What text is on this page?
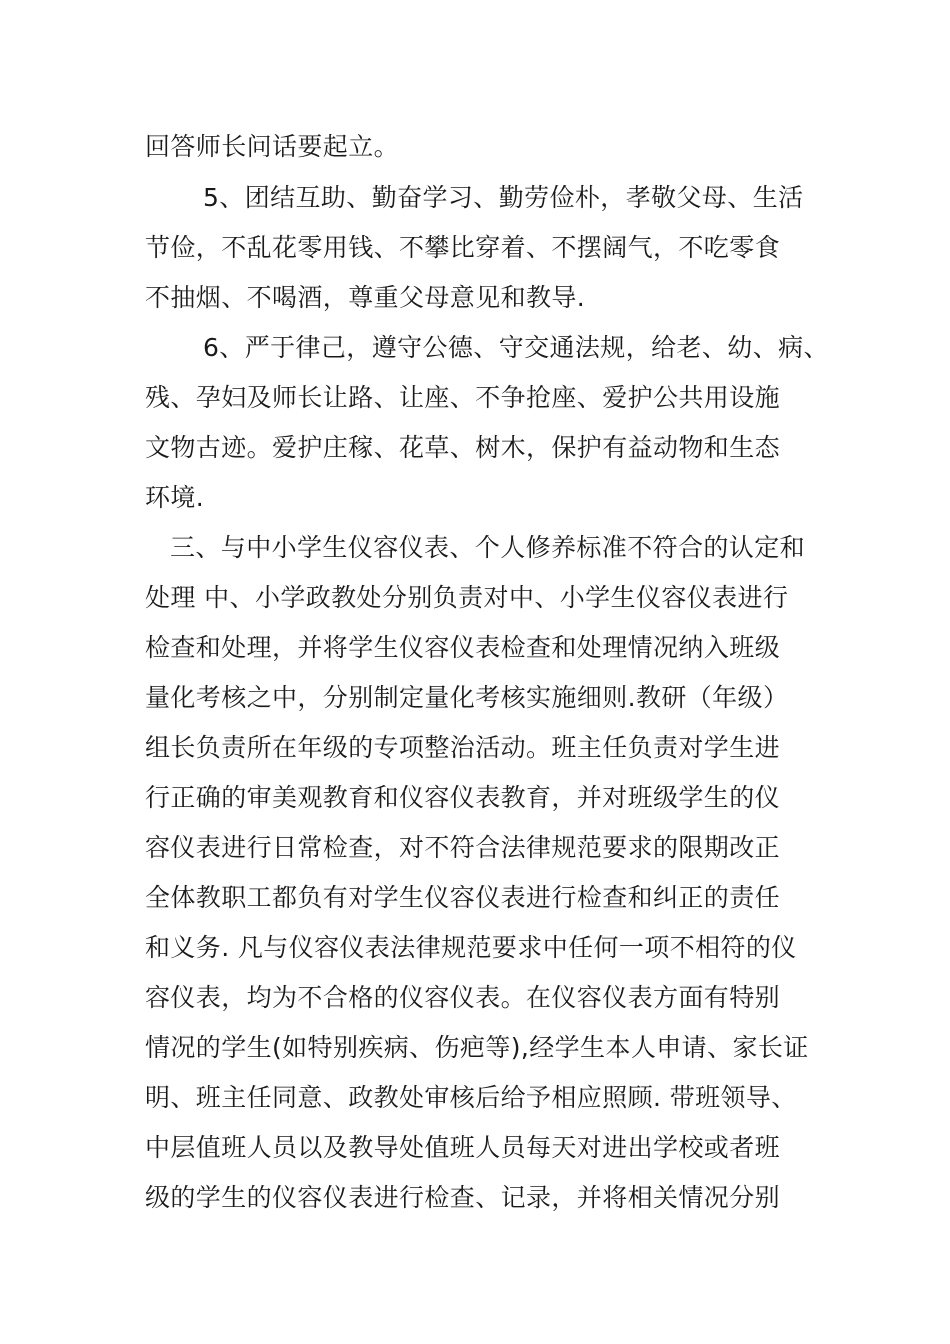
回答师长问话要起立。
5、团结互助、勤奋学习、勤劳俭朴，孝敬父母、生活
节俭，不乱花零用钱、不攀比穿着、不摆阔气，不吃零食
不抽烟、不喝酒，尊重父母意见和教导.
6、严于律己，遵守公德、守交通法规，给老、幼、病、
残、孕妇及师长让路、让座、不争抢座、爱护公共用设施
文物古迹。爱护庄稼、花草、树木，保护有益动物和生态
环境.
三、与中小学生仪容仪表、个人修养标准不符合的认定和
处理 中、小学政教处分别负责对中、小学生仪容仪表进行
检查和处理，并将学生仪容仪表检查和处理情况纳入班级
量化考核之中，分别制定量化考核实施细则.教研（年级）
组长负责所在年级的专项整治活动。班主任负责对学生进
行正确的审美观教育和仪容仪表教育，并对班级学生的仪
容仪表进行日常检查，对不符合法律规范要求的限期改正
全体教职工都负有对学生仪容仪表进行检查和纠正的责任
和义务. 凡与仪容仪表法律规范要求中任何一项不相符的仪
容仪表，均为不合格的仪容仪表。在仪容仪表方面有特别
情况的学生(如特别疾病、伤疤等),经学生本人申请、家长证
明、班主任同意、政教处审核后给予相应照顾. 带班领导、
中层值班人员以及教导处值班人员每天对进出学校或者班
级的学生的仪容仪表进行检查、记录，并将相关情况分别
